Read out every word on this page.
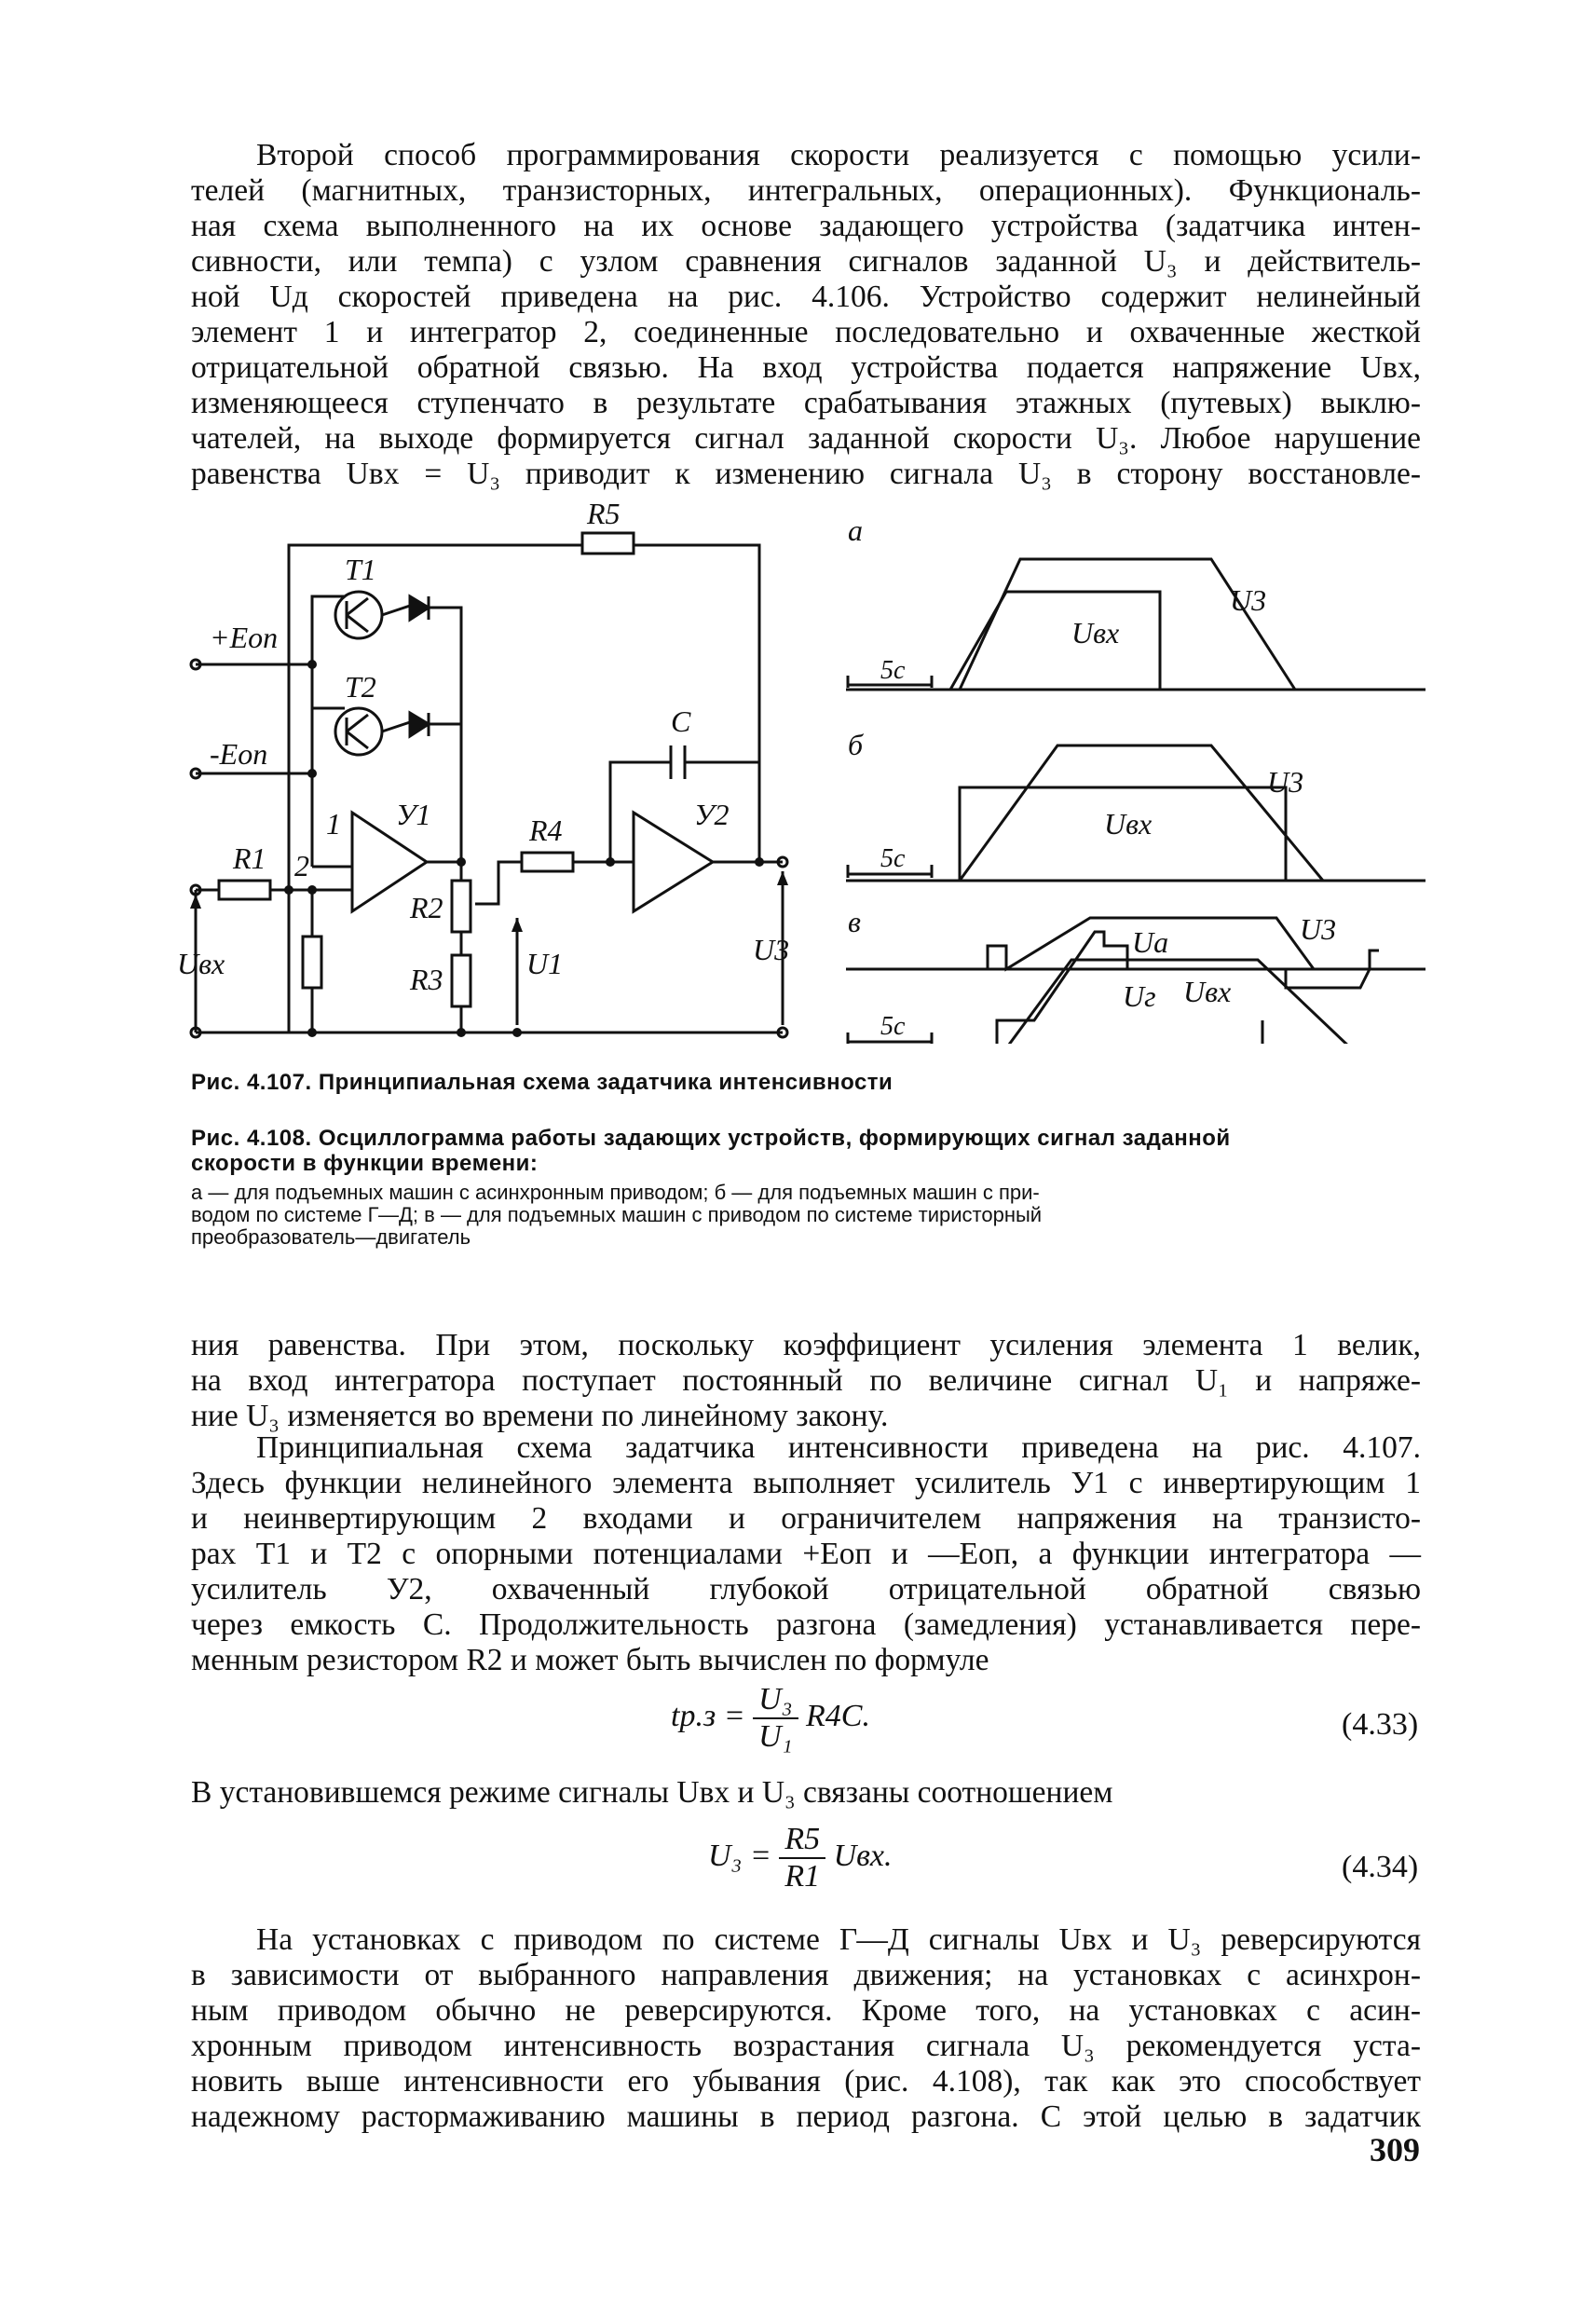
Второй способ программирования скорости реализуется с помощью усили-
телей (магнитных, транзисторных, интегральных, операционных). Функциональ-
ная схема выполненного на их основе задающего устройства (задатчика интен-
сивности, или темпа) с узлом сравнения сигналов заданной U₃ и действитель-
ной Uд скоростей приведена на рис. 4.106. Устройство содержит нелинейный
элемент 1 и интегратор 2, соединенные последовательно и охваченные жесткой
отрицательной обратной связью. На вход устройства подается напряжение Uвх,
изменяющееся ступенчато в результате срабатывания этажных (путевых) выклю-
чателей, на выходе формируется сигнал заданной скорости U₃. Любое нарушение
равенства Uвх = U₃ приводит к изменению сигнала U₃ в сторону восстановле-
R5
T1
T2
+Eоп
-Eоп
C
1
2
У1	У2
R1
R4
R2
R3
Uвх	U1	U3
а
5с
U3
Uвх
б
5с
U3
Uвх
в
5с
Uа	U3
Uг Uвх
Рис. 4.107. Принципиальная схема задатчика интенсивности
Рис. 4.108. Осциллограмма работы задающих устройств, формирующих сигнал заданной
скорости в функции времени:
а — для подъемных машин с асинхронным приводом; б — для подъемных машин с при-
водом по системе Г—Д; в — для подъемных машин с приводом по системе тиристорный
преобразователь—двигатель
ния равенства. При этом, поскольку коэффициент усиления элемента 1 велик,
на вход интегратора поступает постоянный по величине сигнал U₁ и напряже-
ние U₃ изменяется во времени по линейному закону.
Принципиальная схема задатчика интенсивности приведена на рис. 4.107.
Здесь функции нелинейного элемента выполняет усилитель У1 с инвертирующим 1
и неинвертирующим 2 входами и ограничителем напряжения на транзисто-
рах Т1 и Т2 с опорными потенциалами +Eоп и —Eоп, а функции интегратора —
усилитель У2, охваченный глубокой отрицательной обратной связью
через емкость С. Продолжительность разгона (замедления) устанавливается пере-
менным резистором R2 и может быть вычислен по формуле
$tр.з = \frac{\text{U₃}}{\text{U₁}} R4C$.	(4.33)
В установившемся режиме сигналы Uвх и U₃ связаны соотношением
$U_3 = \frac{R5}{R1}$ Uвх.	(4.34)
На установках с приводом по системе Г—Д сигналы Uвх и U₃ реверсируются
в зависимости от выбранного направления движения; на установках с асинхрон-
ным приводом обычно не реверсируются. Кроме того, на установках с асин-
хронным приводом интенсивность возрастания сигнала U₃ рекомендуется уста-
новить выше интенсивности его убывания (рис. 4.108), так как это способствует
надежному растормаживанию машины в период разгона. С этой целью в задатчик
309
